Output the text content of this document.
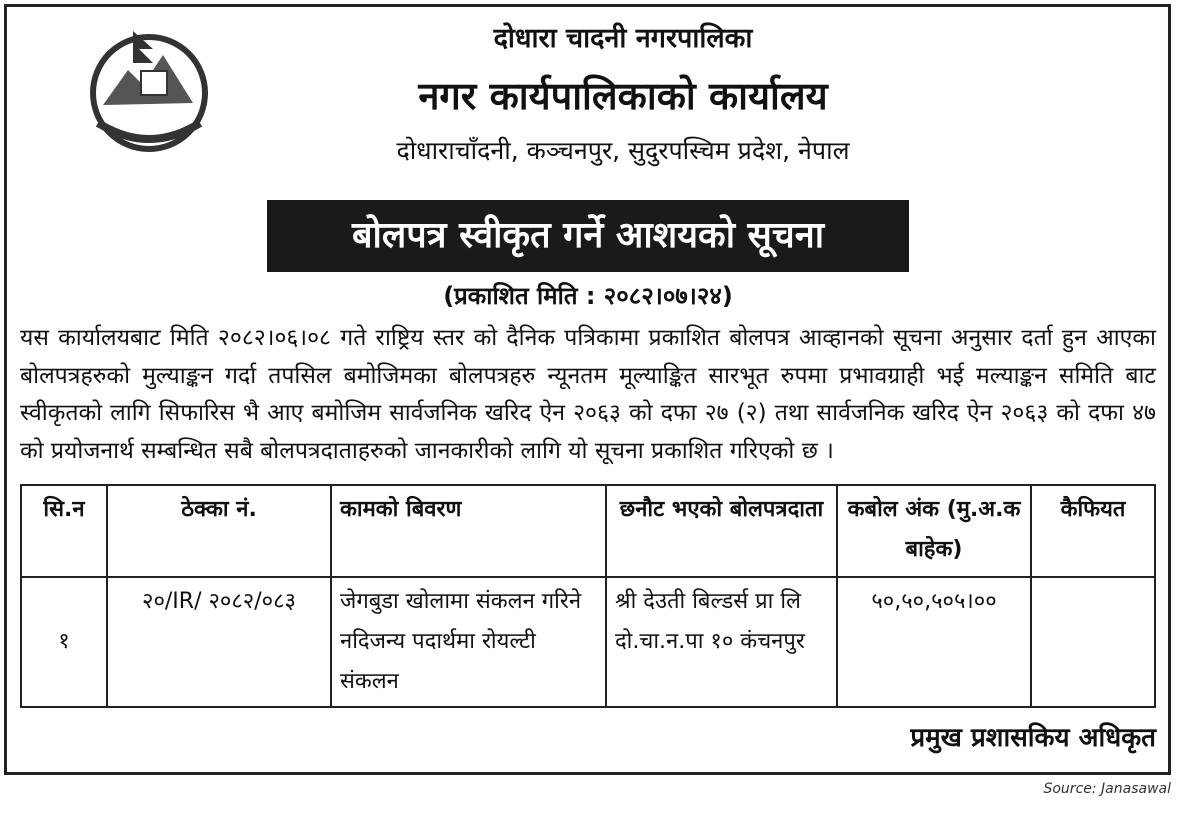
दोधारा चादनी नगरपालिका
नगर कार्यपालिकाको कार्यालय
दोधाराचाँदनी, कञ्चनपुर, सुदुरपस्चिम प्रदेश, नेपाल
बोलपत्र स्वीकृत गर्ने आशयको सूचना
(प्रकाशित मिति : २०८२।०७।२४)
यस कार्यालयबाट मिति २०८२।०६।०८ गते राष्ट्रिय स्तर को दैनिक पत्रिकामा प्रकाशित बोलपत्र आव्हानको सूचना अनुसार दर्ता हुन आएका बोलपत्रहरुको मुल्याङ्कन गर्दा तपसिल बमोजिमका बोलपत्रहरु न्यूनतम मूल्याङ्कित सारभूत रुपमा प्रभावग्राही भई मल्याङ्कन समिति बाट स्वीकृतको लागि सिफारिस भै आए बमोजिम सार्वजनिक खरिद ऐन २०६३ को दफा २७ (२) तथा सार्वजनिक खरिद ऐन २०६३ को दफा ४७ को प्रयोजनार्थ सम्बन्धित सबै बोलपत्रदाताहरुको जानकारीको लागि यो सूचना प्रकाशित गरिएको छ ।
सि.न	ठेक्का नं.	कामको बिवरण	छनौट भएको बोलपत्रदाता	कबोल अंक (मु.अ.क बाहेक)	कैफियत
१	२०/IR/ २०८२/०८३	जेगबुडा खोलामा संकलन गरिने नदिजन्य पदार्थमा रोयल्टी संकलन	श्री देउती बिल्डर्स प्रा लि दो.चा.न.पा १० कंचनपुर	५०,५०,५०५।००	
प्रमुख प्रशासकिय अधिकृत
Source: Janasawal
